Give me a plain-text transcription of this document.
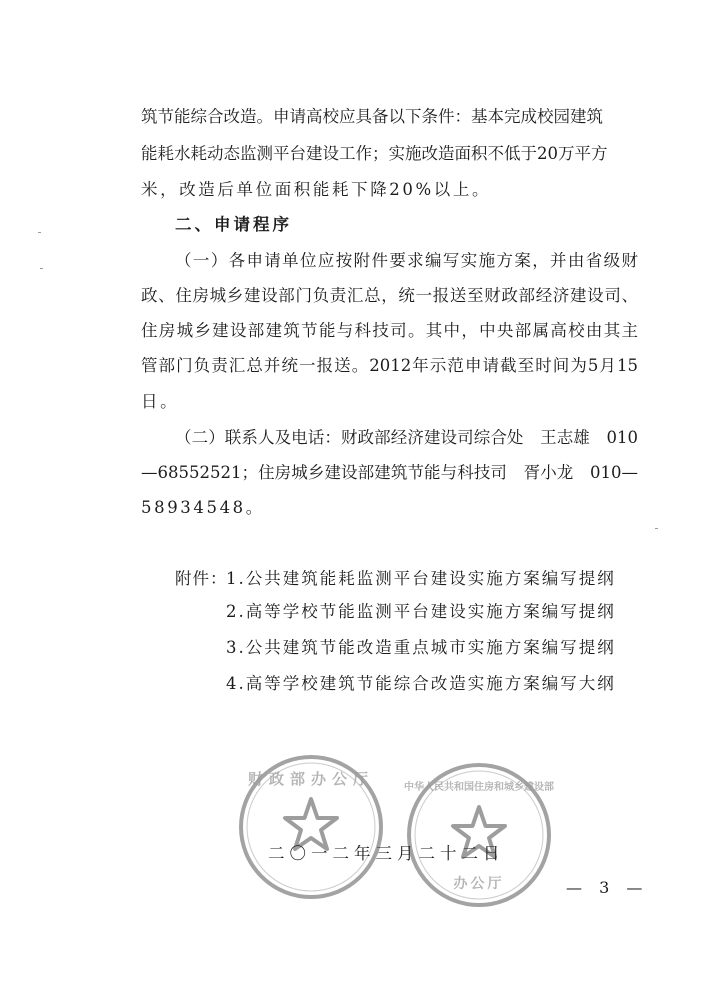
筑节能综合改造。申请高校应具备以下条件：基本完成校园建筑
能耗水耗动态监测平台建设工作；实施改造面积不低于20万平方
米，改造后单位面积能耗下降20%以上。
二、申请程序
（一）各申请单位应按附件要求编写实施方案，并由省级财
政、住房城乡建设部门负责汇总，统一报送至财政部经济建设司、
住房城乡建设部建筑节能与科技司。其中，中央部属高校由其主
管部门负责汇总并统一报送。2012年示范申请截至时间为5月15
日。
（二）联系人及电话：财政部经济建设司综合处　王志雄　010
—68552521；住房城乡建设部建筑节能与科技司　胥小龙　010—
58934548。
附件：
1.公共建筑能耗监测平台建设实施方案编写提纲
2.高等学校节能监测平台建设实施方案编写提纲
3.公共建筑节能改造重点城市实施方案编写提纲
4.高等学校建筑节能综合改造实施方案编写大纲
财政部办公厅	中华人民共和国住房和城乡建设部
办公厅
二〇一二年三月二十二日
— 3 —
